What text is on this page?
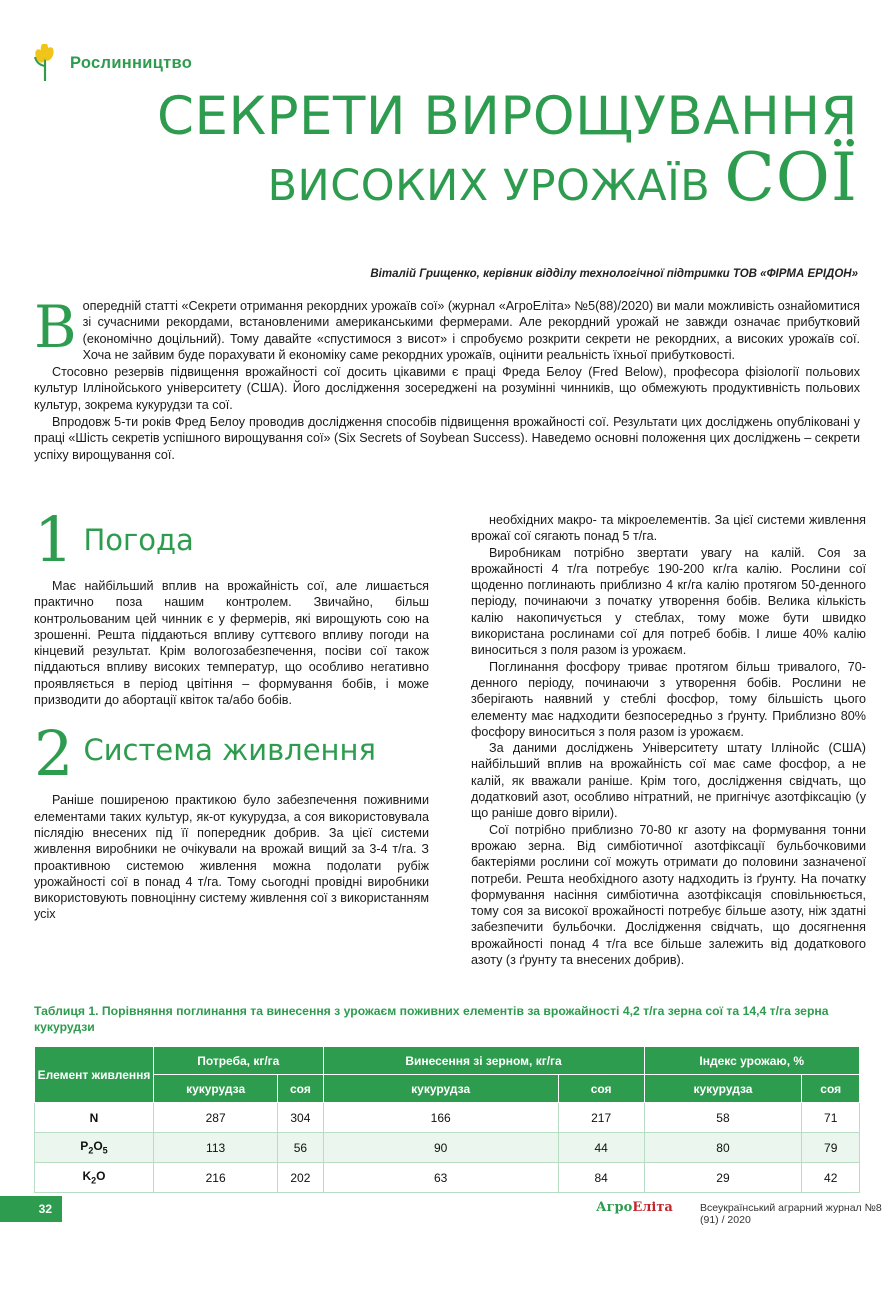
Рослинництво
СЕКРЕТИ ВИРОЩУВАННЯ
ВИСОКИХ УРОЖАЇВ СОЇ
Віталій Грищенко, керівник відділу технологічної підтримки ТОВ «ФІРМА ЕРІДОН»
В опередній статті «Секрети отримання рекордних урожаїв сої» (журнал «АгроЕліта» №5(88)/2020) ви мали можливість ознайомитися зі сучасними рекордами, встановленими американськими фермерами. Але рекордний урожай не завжди означає прибутковий (економічно доцільний). Тому давайте «спустимося з висот» і спробуємо розкрити секрети не рекордних, а високих урожаїв сої. Хоча не зайвим буде порахувати й економіку саме рекордних урожаїв, оцінити реальність їхньої прибутковості.

Стосовно резервів підвищення врожайності сої досить цікавими є праці Фреда Белоу (Fred Below), професора фізіології польових культур Іллінойського університету (США). Його дослідження зосереджені на розумінні чинників, що обмежують продуктивність польових культур, зокрема кукурудзи та сої.

Впродовж 5-ти років Фред Белоу проводив дослідження способів підвищення врожайності сої. Результати цих досліджень опубліковані у праці «Шість секретів успішного вирощування сої» (Six Secrets of Soybean Success). Наведемо основні положення цих досліджень – секрети успіху вирощування сої.

1 Погода

Має найбільший вплив на врожайність сої, але лишається практично поза нашим контролем. Звичайно, більш контрольованим цей чинник є у фермерів, які вирощують сою на зрошенні. Решта піддаються впливу суттєвого впливу погоди на кінцевий результат. Крім вологозабезпечення, посіви сої також піддаються впливу високих температур, що особливо негативно проявляється в період цвітіння – формування бобів, і може призводити до абортації квіток та/або бобів.

2 Система живлення

Раніше поширеною практикою було забезпечення поживними елементами таких культур, як-от кукурудза, а соя використовувала післядію внесених під її попередник добрив. За цієї системи живлення виробники не очікували на врожай вищий за 3-4 т/га. З проактивною системою живлення можна подолати рубіж урожайності сої в понад 4 т/га. Тому сьогодні провідні виробники використовують повноцінну систему живлення сої з використанням усіх

необхідних макро- та мікроелементів. За цієї системи живлення врожаї сої сягають понад 5 т/га.

Виробникам потрібно звертати увагу на калій. Соя за врожайності 4 т/га потребує 190-200 кг/га калію. Рослини сої щоденно поглинають приблизно 4 кг/га калію протягом 50-денного періоду, починаючи з початку утворення бобів. Велика кількість калію накопичується у стеблах, тому може бути швидко використана рослинами сої для потреб бобів. І лише 40% калію виноситься з поля разом із урожаєм.

Поглинання фосфору триває протягом більш тривалого, 70-денного періоду, починаючи з утворення бобів. Рослини не зберігають наявний у стеблі фосфор, тому більшість цього елементу має надходити безпосередньо з ґрунту. Приблизно 80% фосфору виноситься з поля разом із урожаєм.

За даними досліджень Університету штату Іллінойс (США) найбільший вплив на врожайність сої має саме фосфор, а не калій, як вважали раніше. Крім того, дослідження свідчать, що додатковий азот, особливо нітратний, не пригнічує азотфіксацію (у що раніше довго вірили).

Сої потрібно приблизно 70-80 кг азоту на формування тонни врожаю зерна. Від симбіотичної азотфіксації бульбочковими бактеріями рослини сої можуть отримати до половини зазначеної потреби. Решта необхідного азоту надходить із ґрунту. На початку формування насіння симбіотична азотфіксація сповільнюється, тому соя за високої врожайності потребує більше азоту, ніж здатні забезпечити бульбочки. Дослідження свідчать, що досягнення врожайності понад 4 т/га все більше залежить від додаткового азоту (з ґрунту та внесених добрив).

Таблиця 1. Порівняння поглинання та винесення з урожаєм поживних елементів за врожайності 4,2 т/га зерна сої та 14,4 т/га зерна кукурудзи
Елемент живлення	Потреба, кг/га		Винесення зі зерном, кг/га		Індекс урожаю, %	
	кукурудза	соя	кукурудза	соя	кукурудза	соя
N	287	304	166	217	58	71
$P_2O_5$	113	56	90	44	80	79
$K_2O$	216	202	63	84	29	42
32	АгроЕліта	Всеукраїнський аграрний журнал №8 (91) / 2020
